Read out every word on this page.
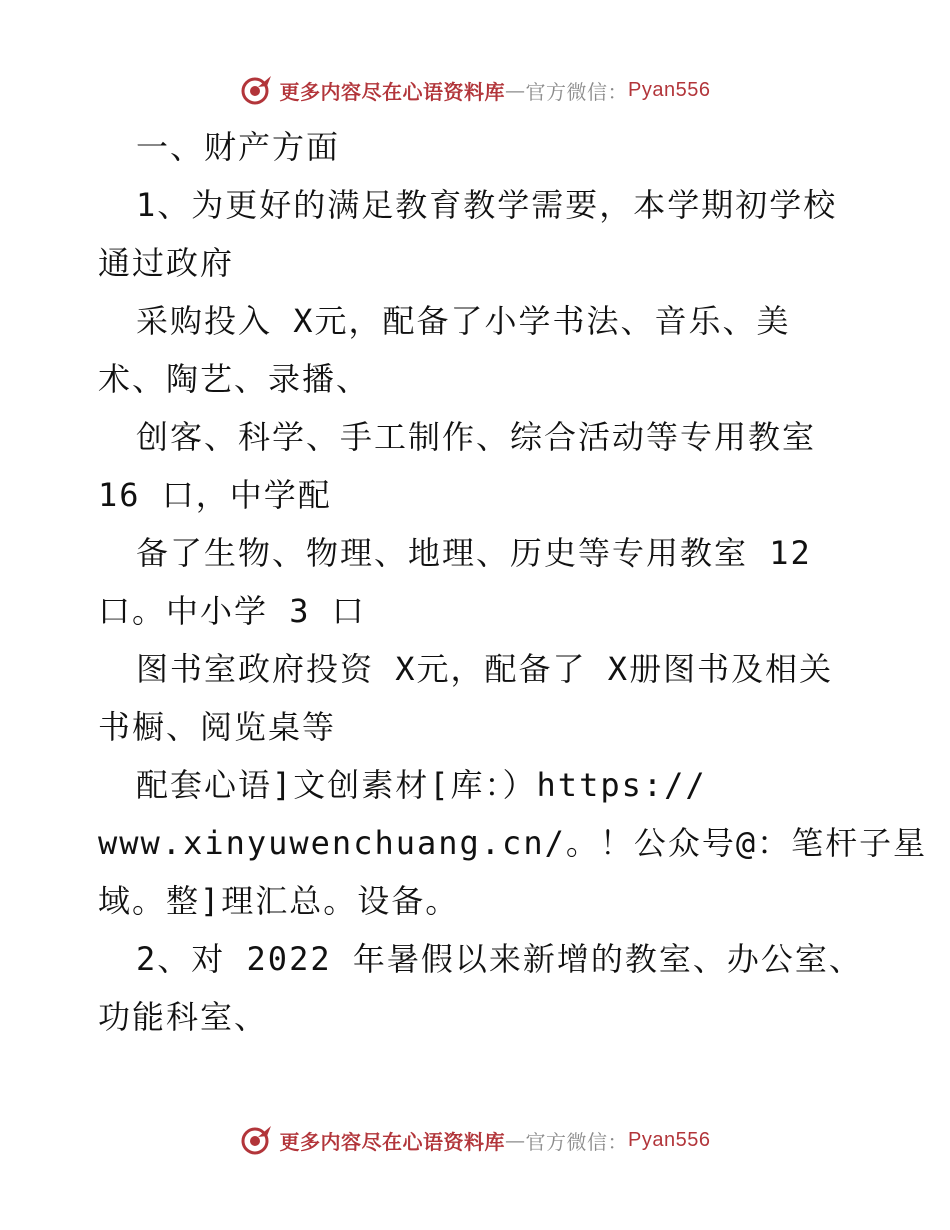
更多内容尽在心语资料库 — 官方微信： Pyan556
一、财产方面
1、为更好的满足教育教学需要，本学期初学校
通过政府
采购投入 X元，配备了小学书法、音乐、美
术、陶艺、录播、
创客、科学、手工制作、综合活动等专用教室
16 口，中学配
备了生物、物理、地理、历史等专用教室 12
口。中小学 3 口
图书室政府投资 X元，配备了 X册图书及相关
书橱、阅览桌等
配套心语]文创素材[库：）https://
www.xinyuwenchuang.cn/。！公众号@：笔杆子星
域。整]理汇总。设备。
2、对 2022 年暑假以来新增的教室、办公室、
功能科室、
更多内容尽在心语资料库 — 官方微信： Pyan556
